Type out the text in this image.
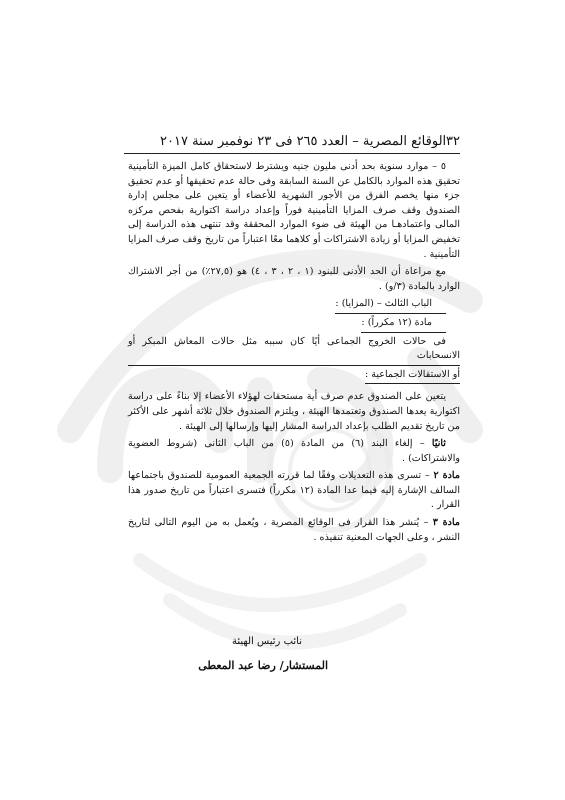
الوقائع المصرية – العدد ٢٦٥ فى ٢٣ نوفمبر سنة ٢٠١٧ ٣٢

٥ – موارد سنوية بحد أدنى مليون جنيه ويشترط لاستحقاق كامل الميزة التأمينية تحقيق هذه الموارد بالكامل عن السنة السابقة وفى حالة عدم تحقيقها أو عدم تحقيق جزء منها يخصم الفرق من الأجور الشهرية للأعضاء أو يتعين على مجلس إدارة الصندوق وقف صرف المزايا التأمينية فوراً وإعداد دراسة اكتوارية بفحص مركزه المالى واعتمادهـا من الهيئة فى ضوء الموارد المحققة وقد تنتهى هذه الدراسة إلى تخفيض المزايا أو زيادة الاشتراكات أو كلاهما معًا اعتباراً من تاريخ وقف صرف المزايا التأمينية .

مع مراعاة أن الحد الأدنى للبنود (١ ، ٢ ، ٣ ، ٤) هو (٢٧,٥٪) من أجر الاشتراك الوارد بالمادة (٣/و) .

الباب الثالث – (المزايا) :

مادة (١٢ مكرراً) :

فى حالات الخروج الجماعى أيًا كان سببه مثل حالات المعاش المبكر أو الانسحابات

أو الاستقالات الجماعية :

يتعين على الصندوق عدم صرف أية مستحقات لهؤلاء الأعضاء إلا بناءً على دراسة اكتوارية يعدها الصندوق وتعتمدها الهيئة ، ويلتزم الصندوق خلال ثلاثة أشهر على الأكثر من تاريخ تقديم الطلب بإعداد الدراسة المشار إليها وإرسالها إلى الهيئة .

ثانيًا – إلغاء البند (٦) من المادة (٥) من الباب الثانى (شروط العضوية والاشتراكات) .

مادة ٢ – تسرى هذه التعديلات وفقًا لما قررته الجمعية العمومية للصندوق باجتماعها السالف الإشارة إليه فيما عدا المادة (١٢ مكرراً) فتسرى اعتباراً من تاريخ صدور هذا القرار .

مادة ٣ – يُنشر هذا القرار فى الوقائع المصرية ، ويُعمل به من اليوم التالى لتاريخ النشر ، وعلى الجهات المعنية تنفيذه .

نائب رئيس الهيئة
المستشار/ رضا عبد المعطى
